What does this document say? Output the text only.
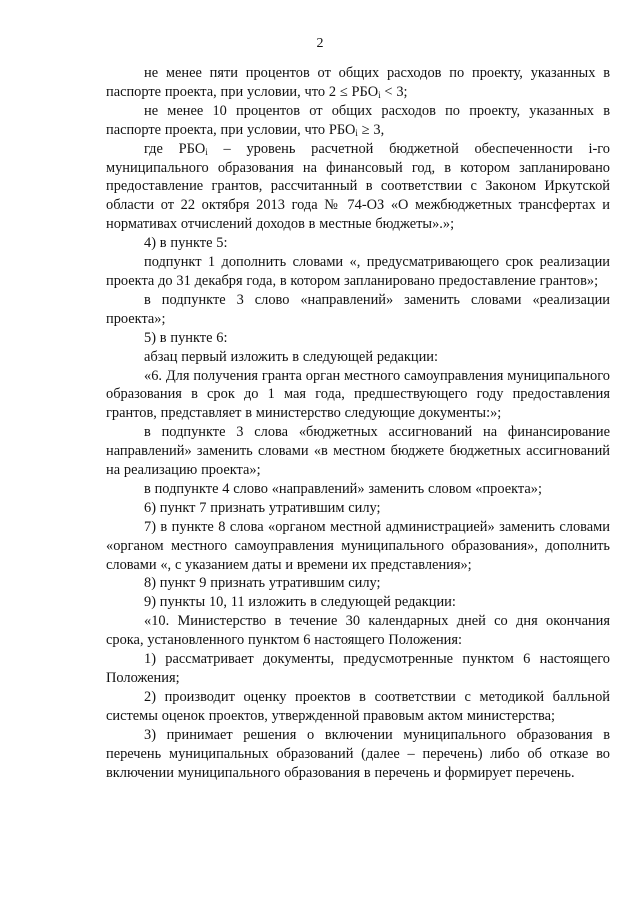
2

не менее пяти процентов от общих расходов по проекту, указанных в паспорте проекта, при условии, что $2 \le РБО_i < 3$;

не менее 10 процентов от общих расходов по проекту, указанных в паспорте проекта, при условии, что $РБО_i \ge 3$,

где $РБО_i$ – уровень расчетной бюджетной обеспеченности i-го муниципального образования на финансовый год, в котором запланировано предоставление грантов, рассчитанный в соответствии с Законом Иркутской области от 22 октября 2013 года № 74-ОЗ «О межбюджетных трансфертах и нормативах отчислений доходов в местные бюджеты».»;

4) в пункте 5:

подпункт 1 дополнить словами «, предусматривающего срок реализации проекта до 31 декабря года, в котором запланировано предоставление грантов»;

в подпункте 3 слово «направлений» заменить словами «реализации проекта»;

5) в пункте 6:

абзац первый изложить в следующей редакции:

«6. Для получения гранта орган местного самоуправления муниципального образования в срок до 1 мая года, предшествующего году предоставления грантов, представляет в министерство следующие документы:»;

в подпункте 3 слова «бюджетных ассигнований на финансирование направлений» заменить словами «в местном бюджете бюджетных ассигнований на реализацию проекта»;

в подпункте 4 слово «направлений» заменить словом «проекта»;

6) пункт 7 признать утратившим силу;

7) в пункте 8 слова «органом местной администрацией» заменить словами «органом местного самоуправления муниципального образования», дополнить словами «, с указанием даты и времени их представления»;

8) пункт 9 признать утратившим силу;

9) пункты 10, 11 изложить в следующей редакции:

«10. Министерство в течение 30 календарных дней со дня окончания срока, установленного пунктом 6 настоящего Положения:

1) рассматривает документы, предусмотренные пунктом 6 настоящего Положения;

2) производит оценку проектов в соответствии с методикой балльной системы оценок проектов, утвержденной правовым актом министерства;

3) принимает решения о включении муниципального образования в перечень муниципальных образований (далее – перечень) либо об отказе во включении муниципального образования в перечень и формирует перечень.
